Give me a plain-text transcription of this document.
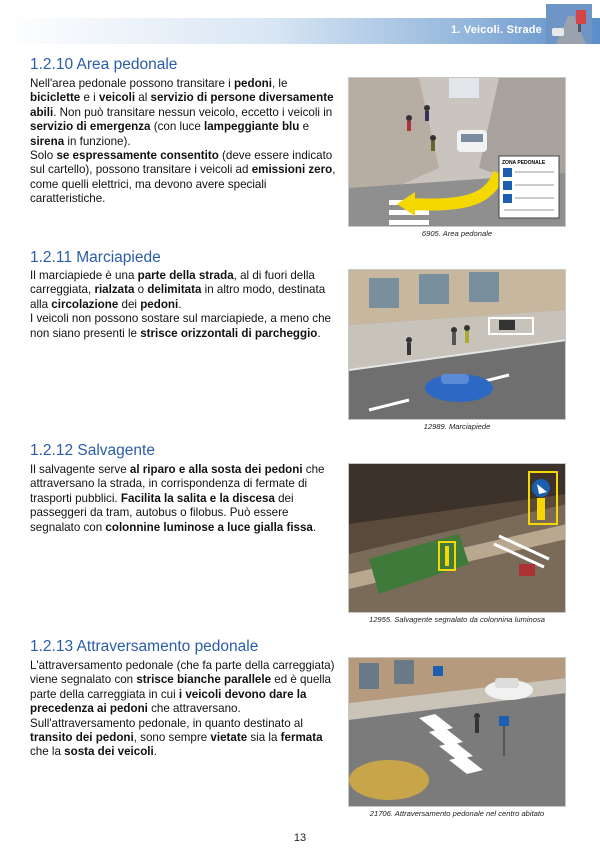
1. Veicoli. Strade
1.2.10 Area pedonale

Nell'area pedonale possono transitare i pedoni, le biciclette e i veicoli al servizio di persone diversamente abili. Non può transitare nessun veicolo, eccetto i veicoli in servizio di emergenza (con luce lampeggiante blu e sirena in funzione).

Solo se espressamente consentito (deve essere indicato sul cartello), possono transitare i veicoli ad emissioni zero, come quelli elettrici, ma devono avere speciali caratteristiche.

ZONA PEDONALE
6905. Area pedonale
1.2.11 Marciapiede

Il marciapiede è una parte della strada, al di fuori della carreggiata, rialzata o delimitata in altro modo, destinata alla circolazione dei pedoni.

I veicoli non possono sostare sul marciapiede, a meno che non siano presenti le strisce orizzontali di parcheggio.

12989. Marciapiede
1.2.12 Salvagente

Il salvagente serve al riparo e alla sosta dei pedoni che attraversano la strada, in corrispondenza di fermate di trasporti pubblici. Facilita la salita e la discesa dei passeggeri da tram, autobus o filobus. Può essere segnalato con colonnine luminose a luce gialla fissa.

12955. Salvagente segnalato da colonnina luminosa
1.2.13 Attraversamento pedonale

L'attraversamento pedonale (che fa parte della carreggiata) viene segnalato con strisce bianche parallele ed è quella parte della carreggiata in cui i veicoli devono dare la precedenza ai pedoni che attraversano.

Sull'attraversamento pedonale, in quanto destinato al transito dei pedoni, sono sempre vietate sia la fermata che la sosta dei veicoli.

21706. Attraversamento pedonale nel centro abitato
13
